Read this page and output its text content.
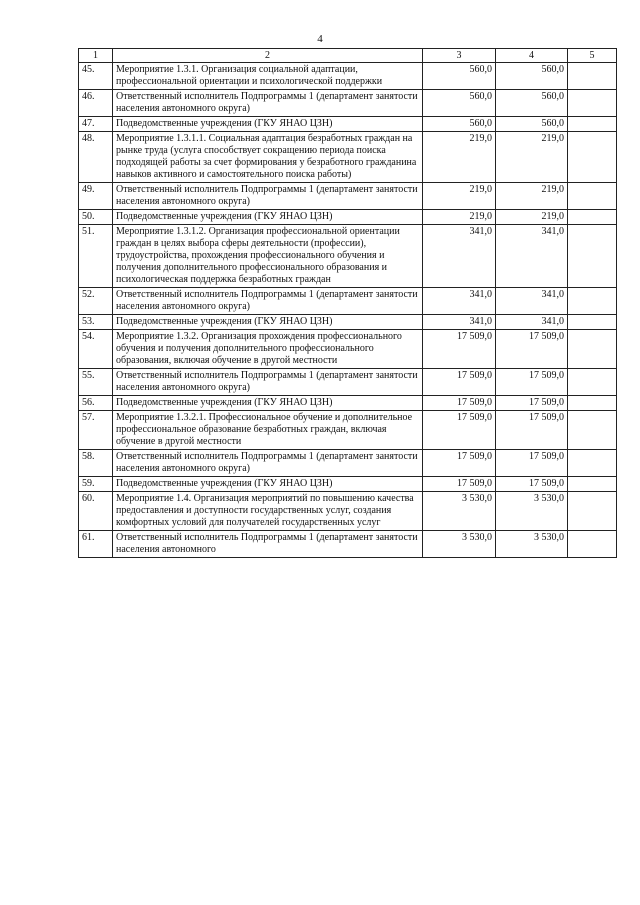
4
1	2	3	4	5
45.	Мероприятие 1.3.1. Организация социальной адаптации, профессиональной ориентации и психологической поддержки	560,0	560,0	
46.	Ответственный исполнитель Подпрограммы 1 (департамент занятости населения автономного округа)	560,0	560,0	
47.	Подведомственные учреждения (ГКУ ЯНАО ЦЗН)	560,0	560,0	
48.	Мероприятие 1.3.1.1. Социальная адаптация безработных граждан на рынке труда (услуга способствует сокращению периода поиска подходящей работы за счет формирования у безработного гражданина навыков активного и самостоятельного поиска работы)	219,0	219,0	
49.	Ответственный исполнитель Подпрограммы 1 (департамент занятости населения автономного округа)	219,0	219,0	
50.	Подведомственные учреждения (ГКУ ЯНАО ЦЗН)	219,0	219,0	
51.	Мероприятие 1.3.1.2. Организация профессиональной ориентации граждан в целях выбора сферы деятельности (профессии), трудоустройства, прохождения профессионального обучения и получения дополнительного профессионального образования и психологическая поддержка безработных граждан	341,0	341,0	
52.	Ответственный исполнитель Подпрограммы 1 (департамент занятости населения автономного округа)	341,0	341,0	
53.	Подведомственные учреждения (ГКУ ЯНАО ЦЗН)	341,0	341,0	
54.	Мероприятие 1.3.2. Организация прохождения профессионального обучения и получения дополнительного профессионального образования, включая обучение в другой местности	17 509,0	17 509,0	
55.	Ответственный исполнитель Подпрограммы 1 (департамент занятости населения автономного округа)	17 509,0	17 509,0	
56.	Подведомственные учреждения (ГКУ ЯНАО ЦЗН)	17 509,0	17 509,0	
57.	Мероприятие 1.3.2.1. Профессиональное обучение и дополнительное профессиональное образование безработных граждан, включая обучение в другой местности	17 509,0	17 509,0	
58.	Ответственный исполнитель Подпрограммы 1 (департамент занятости населения автономного округа)	17 509,0	17 509,0	
59.	Подведомственные учреждения (ГКУ ЯНАО ЦЗН)	17 509,0	17 509,0	
60.	Мероприятие 1.4. Организация мероприятий по повышению качества предоставления и доступности государственных услуг, создания комфортных условий для получателей государственных услуг	3 530,0	3 530,0	
61.	Ответственный исполнитель Подпрограммы 1 (департамент занятости населения автономного	3 530,0	3 530,0	
